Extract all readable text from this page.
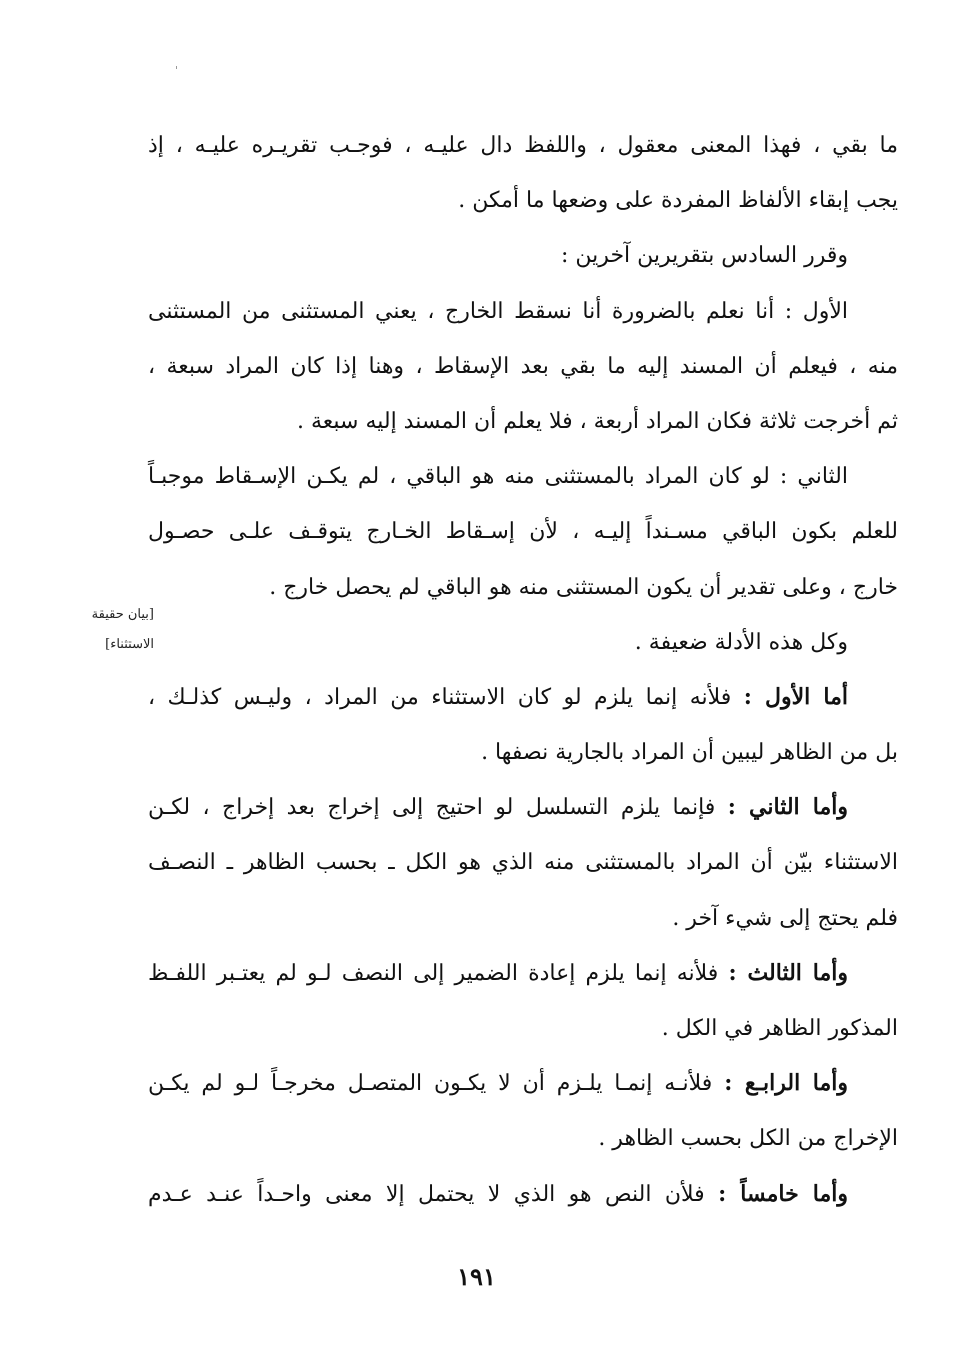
ما بقي ، فهذا المعنى معقول ، واللفظ دال عليـه ، فوجـب تقريـره عليـه ، إذ
يجب إبقاء الألفاظ المفردة على وضعها ما أمكن .
وقرر السادس بتقريرين آخرين :
الأول : أنا نعلم بالضرورة أنا نسقط الخارج ، يعني المستثنى من المستثنى
منه ، فيعلم أن المسند إليه ما بقي بعد الإسقاط ، وهنا إذا كان المراد سبعة ،
ثم أخرجت ثلاثة فكان المراد أربعة ، فلا يعلم أن المسند إليه سبعة .
الثاني : لو كان المراد بالمستثنى منه هو الباقي ، لم يكـن الإسـقاط موجبـاً
للعلم بكون الباقي مسـنداً إليـه ، لأن إسـقاط الخـارج يتوقـف علـى حصـول
خارج ، وعلى تقدير أن يكون المستثنى منه هو الباقي لم يحصل خارج .
وكل هذه الأدلة ضعيفة .
أما الأول : فلأنه إنما يلزم لو كان الاستثناء من المراد ، وليـس كذلـك ،
بل من الظاهر ليبين أن المراد بالجارية نصفها .
وأما الثاني : فإنما يلزم التسلسل لو احتيج إلى إخراج بعد إخراج ، لكـن
الاستثناء بيّن أن المراد بالمستثنى منه الذي هو الكل ـ بحسب الظاهر ـ النصـف
فلم يحتج إلى شيء آخر .
وأما الثالث : فلأنه إنما يلزم إعادة الضمير إلى النصف لـو لم يعتـبر اللفـظ
المذكور الظاهر في الكل .
وأما الرابـع : فلأنـه إنمـا يلـزم أن لا يكـون المتصـل مخرجـاً لـو لم يكـن
الإخراج من الكل بحسب الظاهر .
وأما خامساً : فلأن النص هو الذي لا يحتمل إلا معنى واحـداً عنـد عـدم
[بيان حقيقة
الاستثناء]
١٩١
